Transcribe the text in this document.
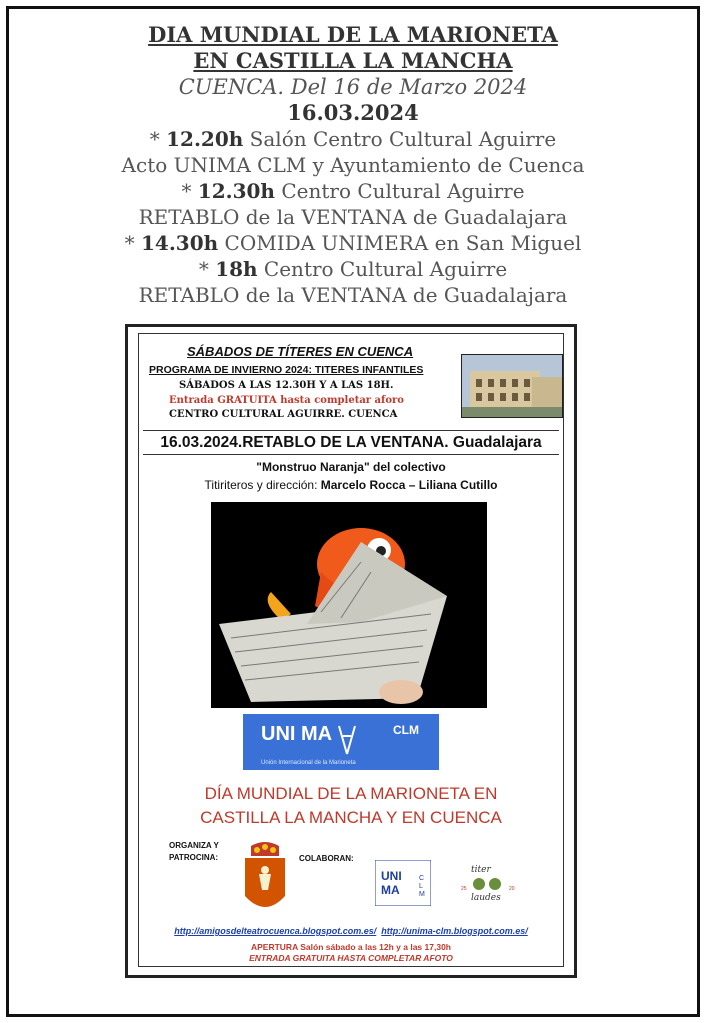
DIA MUNDIAL DE LA MARIONETA
EN CASTILLA LA MANCHA
CUENCA. Del 16 de Marzo 2024
16.03.2024
* 12.20h Salón Centro Cultural Aguirre
Acto UNIMA CLM y Ayuntamiento de Cuenca
* 12.30h Centro Cultural Aguirre
RETABLO de la VENTANA de Guadalajara
* 14.30h COMIDA UNIMERA en San Miguel
* 18h Centro Cultural Aguirre
RETABLO de la VENTANA de Guadalajara
SÁBADOS DE TÍTERES EN CUENCA
PROGRAMA DE INVIERNO 2024: TITERES INFANTILES
SÁBADOS A LAS 12.30H Y A LAS 18H.
Entrada GRATUITA hasta completar aforo
CENTRO CULTURAL AGUIRRE. CUENCA
16.03.2024.RETABLO DE LA VENTANA. Guadalajara
"Monstruo Naranja" del colectivo
Titiriteros y dirección: Marcelo Rocca – Liliana Cutillo
UNI MA	CLM
Unión Internacional de la Marioneta
DÍA MUNDIAL DE LA MARIONETA EN
CASTILLA LA MANCHA Y EN CUENCA
ORGANIZA Y
PATROCINA:	COLABORAN:
UNI
MA
C
L
M
titer
laudes
25	20
http://amigosdelteatrocuenca.blogspot.com.es/ http://unima-clm.blogspot.com.es/
APERTURA Salón sábado a las 12h y a las 17,30h
ENTRADA GRATUITA HASTA COMPLETAR AFOTO
